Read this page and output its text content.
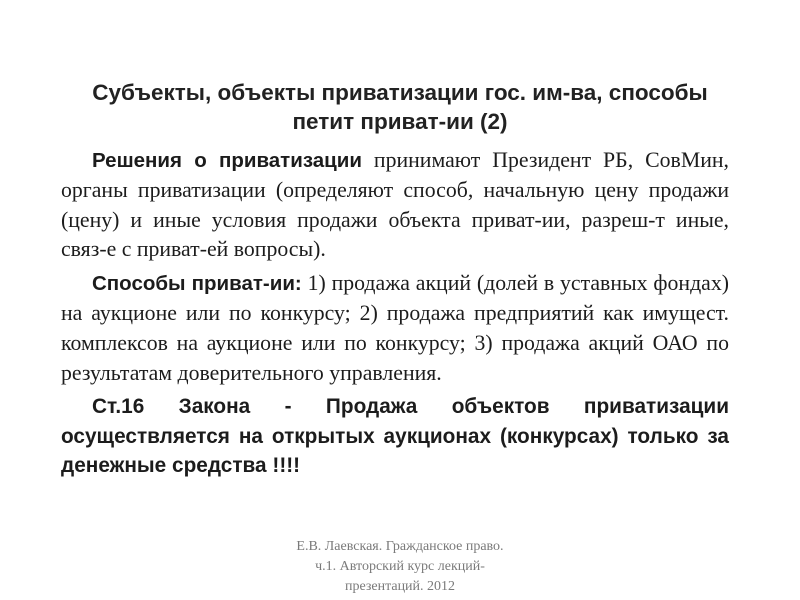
Субъекты, объекты приватизации гос. им-ва, способы петит приват-ии (2)

Решения о приватизации принимают Президент РБ, СовМин, органы приватизации (определяют способ, начальную цену продажи (цену) и иные условия продажи объекта приват-ии, разреш-т иные, связ-е с приват-ей вопросы).

Способы приват-ии: 1) продажа акций (долей в уставных фондах) на аукционе или по конкурсу; 2) продажа предприятий как имущест. комплексов на аукционе или по конкурсу; 3) продажа акций ОАО по результатам доверительного управления.

Ст.16 Закона - Продажа объектов приватизации осуществляется на открытых аукционах (конкурсах) только за денежные средства !!!!

Е.В. Лаевская. Гражданское право.
ч.1. Авторский курс лекций-
презентаций. 2012
